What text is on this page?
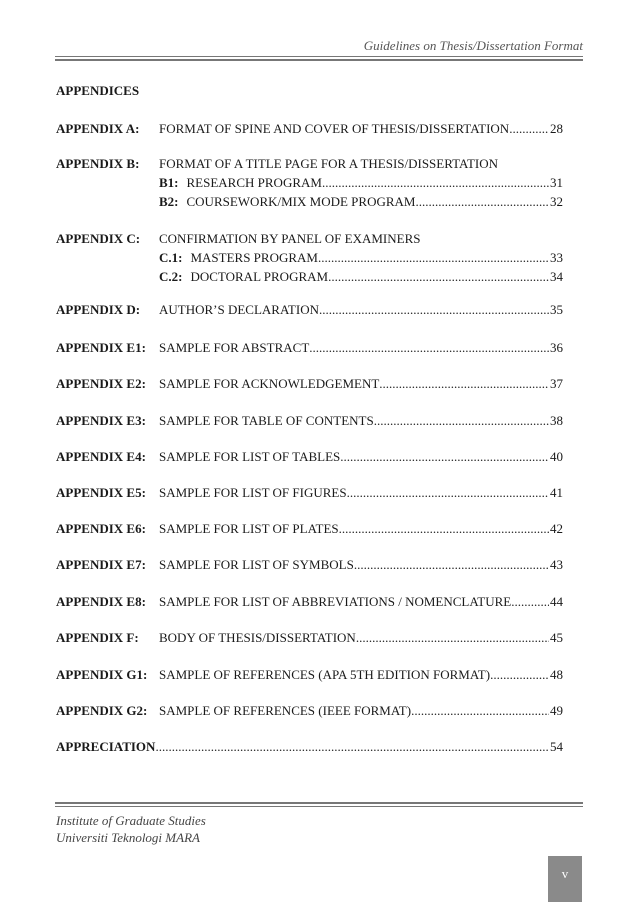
Guidelines on Thesis/Dissertation Format
APPENDICES
APPENDIX A:	FORMAT OF SPINE AND COVER OF THESIS/DISSERTATION .....	28
APPENDIX B:	FORMAT OF A TITLE PAGE FOR A THESIS/DISSERTATION
B1: RESEARCH PROGRAM .....	31
B2: COURSEWORK/MIX MODE PROGRAM .....	32
APPENDIX C:	CONFIRMATION BY PANEL OF EXAMINERS
C.1: MASTERS PROGRAM .....	33
C.2: DOCTORAL PROGRAM .....	34
APPENDIX D:	AUTHOR’S DECLARATION .....	35
APPENDIX E1:	SAMPLE FOR ABSTRACT .....	36
APPENDIX E2:	SAMPLE FOR ACKNOWLEDGEMENT .....	37
APPENDIX E3:	SAMPLE FOR TABLE OF CONTENTS .....	38
APPENDIX E4:	SAMPLE FOR LIST OF TABLES .....	40
APPENDIX E5:	SAMPLE FOR LIST OF FIGURES .....	41
APPENDIX E6:	SAMPLE FOR LIST OF PLATES .....	42
APPENDIX E7:	SAMPLE FOR LIST OF SYMBOLS .....	43
APPENDIX E8:	SAMPLE FOR LIST OF ABBREVIATIONS / NOMENCLATURE .....	44
APPENDIX F:	BODY OF THESIS/DISSERTATION .....	45
APPENDIX G1: SAMPLE OF REFERENCES (APA 5TH EDITION FORMAT) .....	48
APPENDIX G2: SAMPLE OF REFERENCES (IEEE FORMAT) .....	49
APPRECIATION .....	54
Institute of Graduate Studies
Universiti Teknologi MARA
v
